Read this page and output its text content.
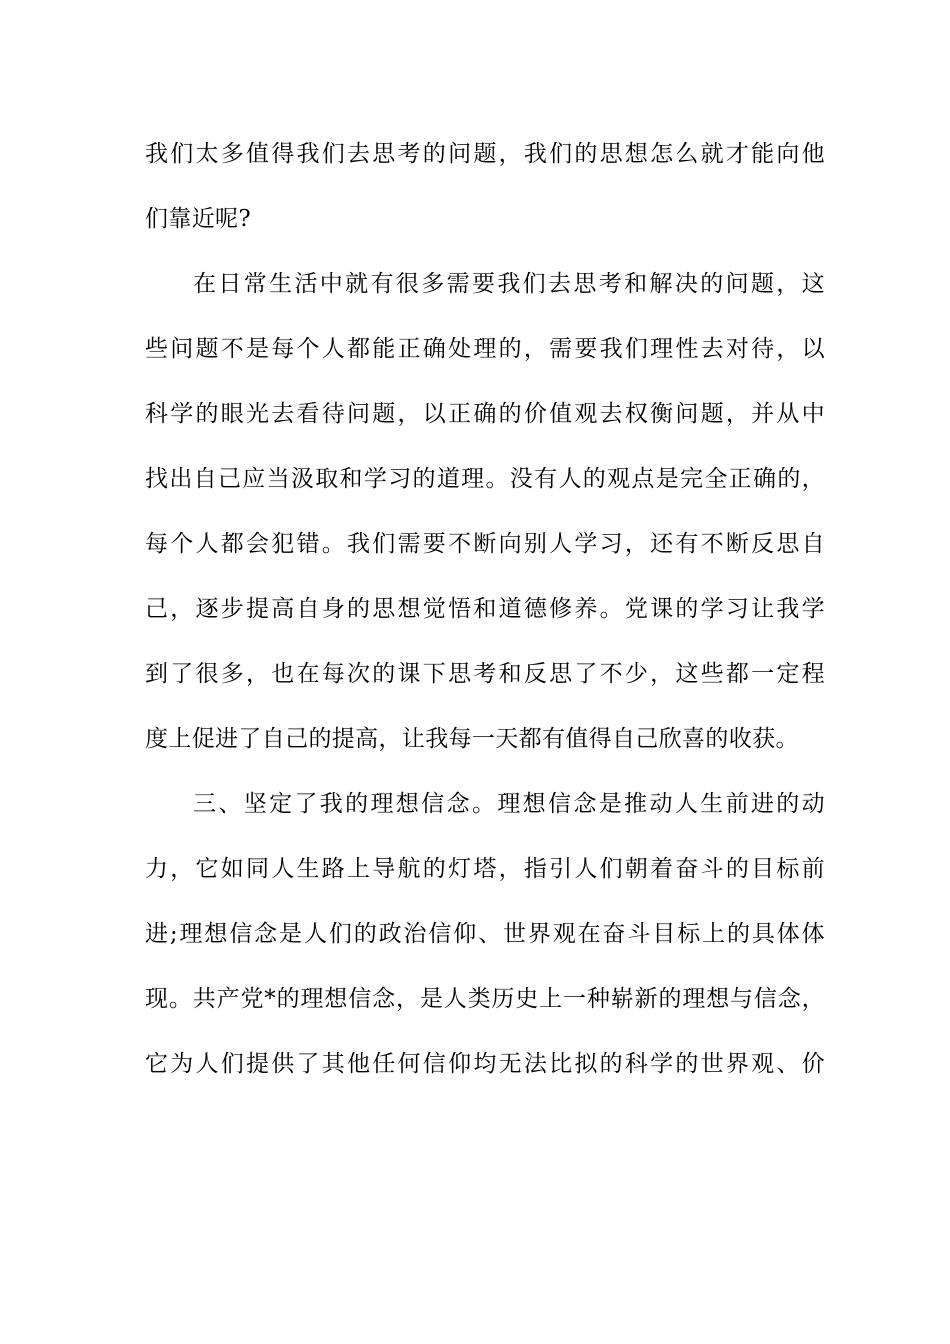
我们太多值得我们去思考的问题，我们的思想怎么就才能向他
们靠近呢?
在日常生活中就有很多需要我们去思考和解决的问题，这
些问题不是每个人都能正确处理的，需要我们理性去对待，以
科学的眼光去看待问题，以正确的价值观去权衡问题，并从中
找出自己应当汲取和学习的道理。没有人的观点是完全正确的，
每个人都会犯错。我们需要不断向别人学习，还有不断反思自
己，逐步提高自身的思想觉悟和道德修养。党课的学习让我学
到了很多，也在每次的课下思考和反思了不少，这些都一定程
度上促进了自己的提高，让我每一天都有值得自己欣喜的收获。
三、坚定了我的理想信念。理想信念是推动人生前进的动
力，它如同人生路上导航的灯塔，指引人们朝着奋斗的目标前
进;理想信念是人们的政治信仰、世界观在奋斗目标上的具体体
现。共产党*的理想信念，是人类历史上一种崭新的理想与信念，
它为人们提供了其他任何信仰均无法比拟的科学的世界观、价
